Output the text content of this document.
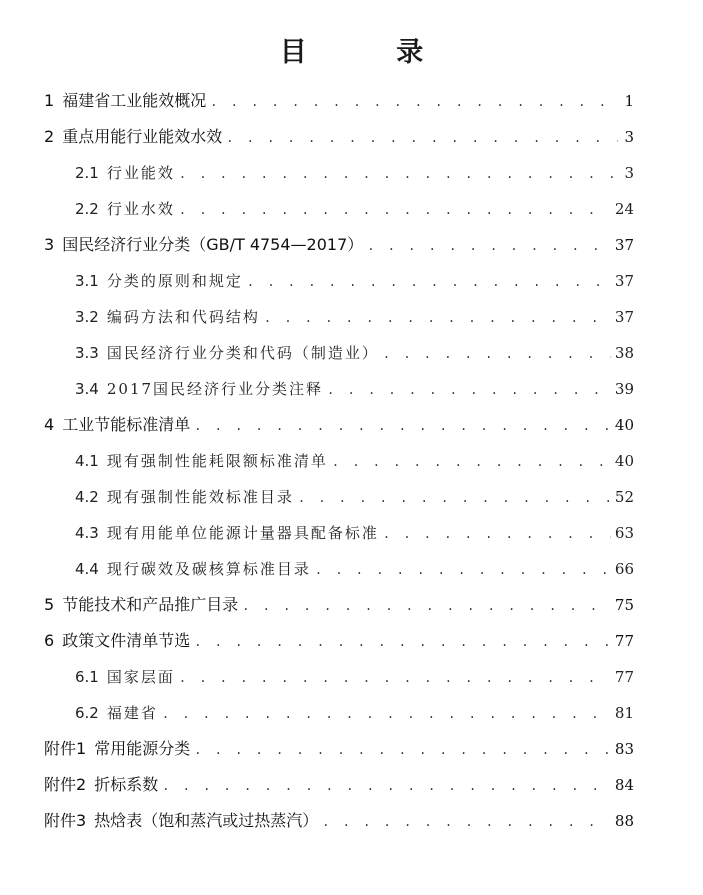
目 录
1 福建省工业能效概况 . . .	1
2 重点用能行业能效水效 . . .	3
2.1 行业能效 . . .	3
2.2 行业水效 . . .	24
3 国民经济行业分类（GB/T 4754—2017） . . .	37
3.1 分类的原则和规定 . . .	37
3.2 编码方法和代码结构 . . .	37
3.3 国民经济行业分类和代码（制造业） . . .	38
3.4 2017国民经济行业分类注释 . . .	39
4 工业节能标准清单 . . .	40
4.1 现有强制性能耗限额标准清单 . . .	40
4.2 现有强制性能效标准目录 . . .	52
4.3 现有用能单位能源计量器具配备标准 . . .	63
4.4 现行碳效及碳核算标准目录 . . .	66
5 节能技术和产品推广目录 . . .	75
6 政策文件清单节选 . . .	77
6.1 国家层面 . . .	77
6.2 福建省 . . .	81
附件1 常用能源分类 . . .	83
附件2 折标系数 . . .	84
附件3 热焓表（饱和蒸汽或过热蒸汽） . . .	88
